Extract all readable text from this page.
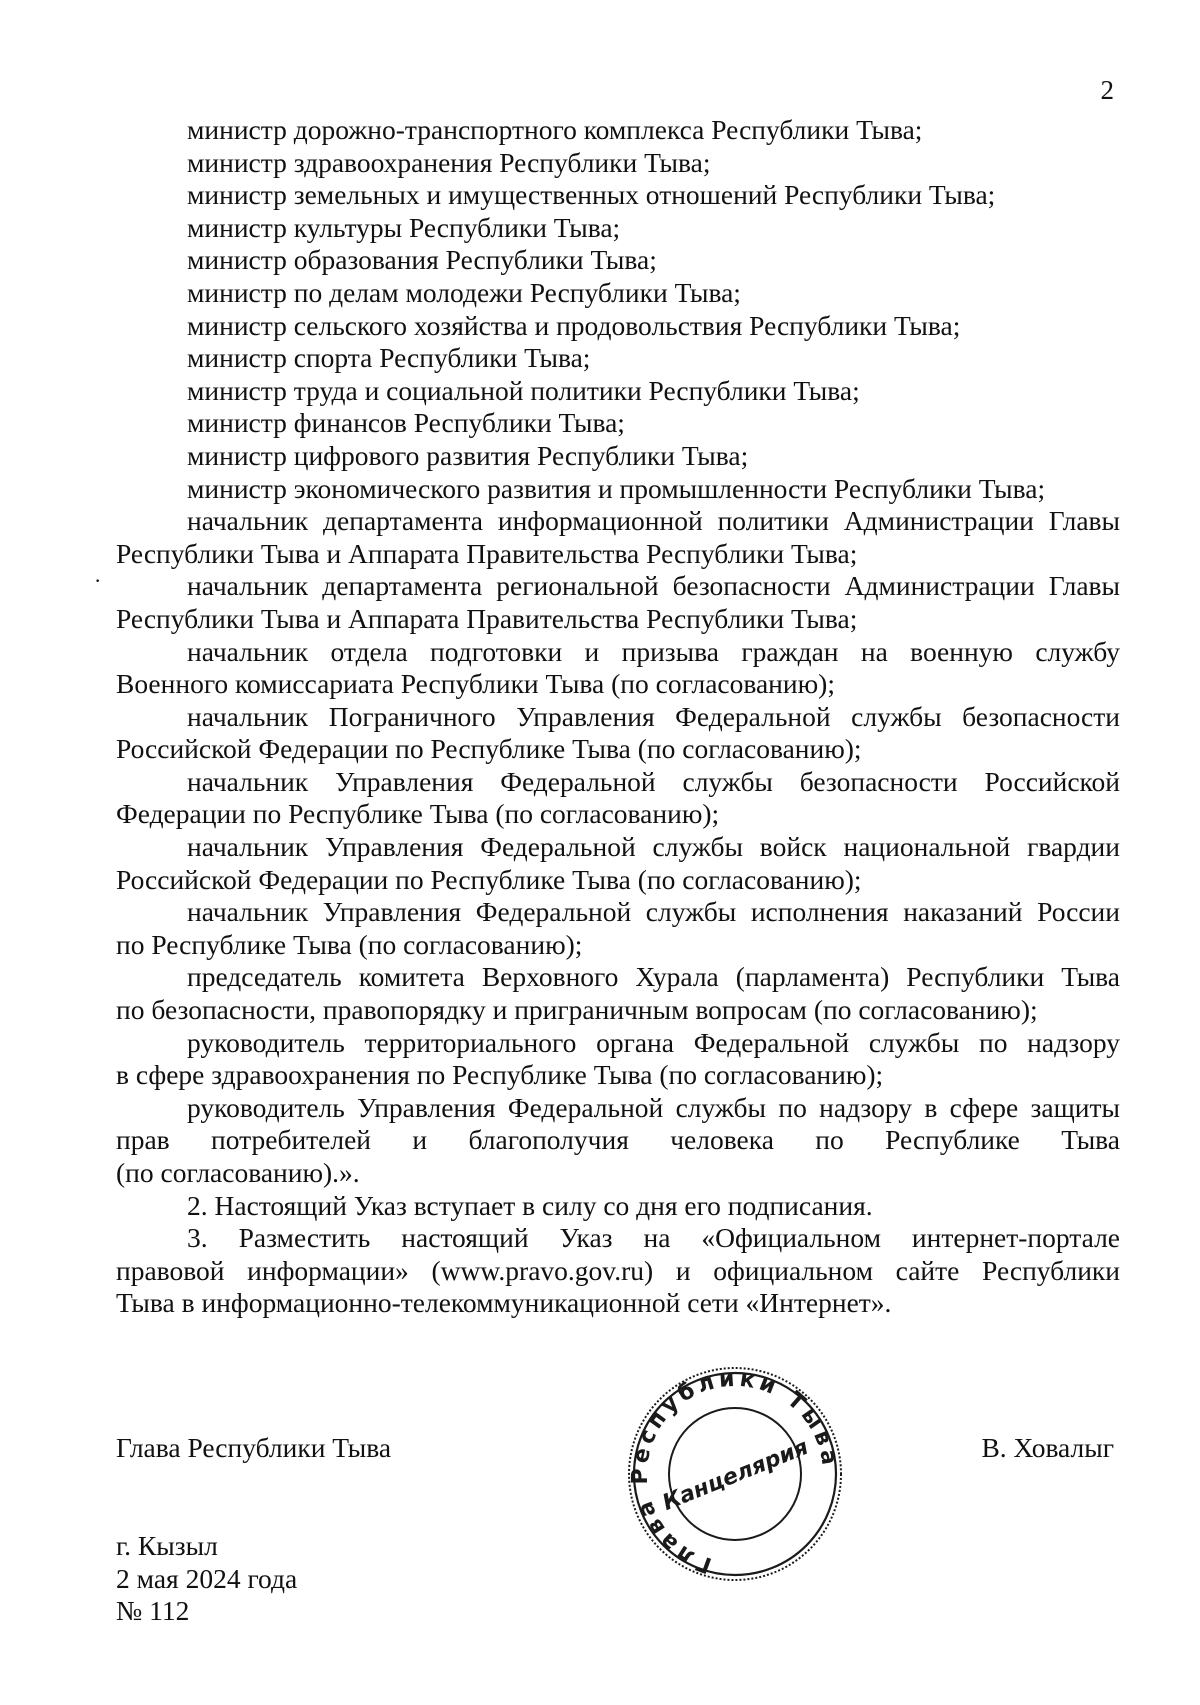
2
·
министр дорожно-транспортного комплекса Республики Тыва;
министр здравоохранения Республики Тыва;
министр земельных и имущественных отношений Республики Тыва;
министр культуры Республики Тыва;
министр образования Республики Тыва;
министр по делам молодежи Республики Тыва;
министр сельского хозяйства и продовольствия Республики Тыва;
министр спорта Республики Тыва;
министр труда и социальной политики Республики Тыва;
министр финансов Республики Тыва;
министр цифрового развития Республики Тыва;
министр экономического развития и промышленности Республики Тыва;
начальник департамента информационной политики Администрации Главы
Республики Тыва и Аппарата Правительства Республики Тыва;
начальник департамента региональной безопасности Администрации Главы
Республики Тыва и Аппарата Правительства Республики Тыва;
начальник отдела подготовки и призыва граждан на военную службу
Военного комиссариата Республики Тыва (по согласованию);
начальник Пограничного Управления Федеральной службы безопасности
Российской Федерации по Республике Тыва (по согласованию);
начальник Управления Федеральной службы безопасности Российской
Федерации по Республике Тыва (по согласованию);
начальник Управления Федеральной службы войск национальной гвардии
Российской Федерации по Республике Тыва (по согласованию);
начальник Управления Федеральной службы исполнения наказаний России
по Республике Тыва (по согласованию);
председатель комитета Верховного Хурала (парламента) Республики Тыва
по безопасности, правопорядку и приграничным вопросам (по согласованию);
руководитель территориального органа Федеральной службы по надзору
в сфере здравоохранения по Республике Тыва (по согласованию);
руководитель Управления Федеральной службы по надзору в сфере защиты
прав потребителей и благополучия человека по Республике Тыва
(по согласованию).».
2. Настоящий Указ вступает в силу со дня его подписания.
3. Разместить настоящий Указ на «Официальном интернет-портале
правовой информации» (www.pravo.gov.ru) и официальном сайте Республики
Тыва в информационно-телекоммуникационной сети «Интернет».
Глава Республики Тыва	В. Ховалыг
г. Кызыл
2 мая 2024 года
№ 112
Глава Республики Тыва
Канцелярия
